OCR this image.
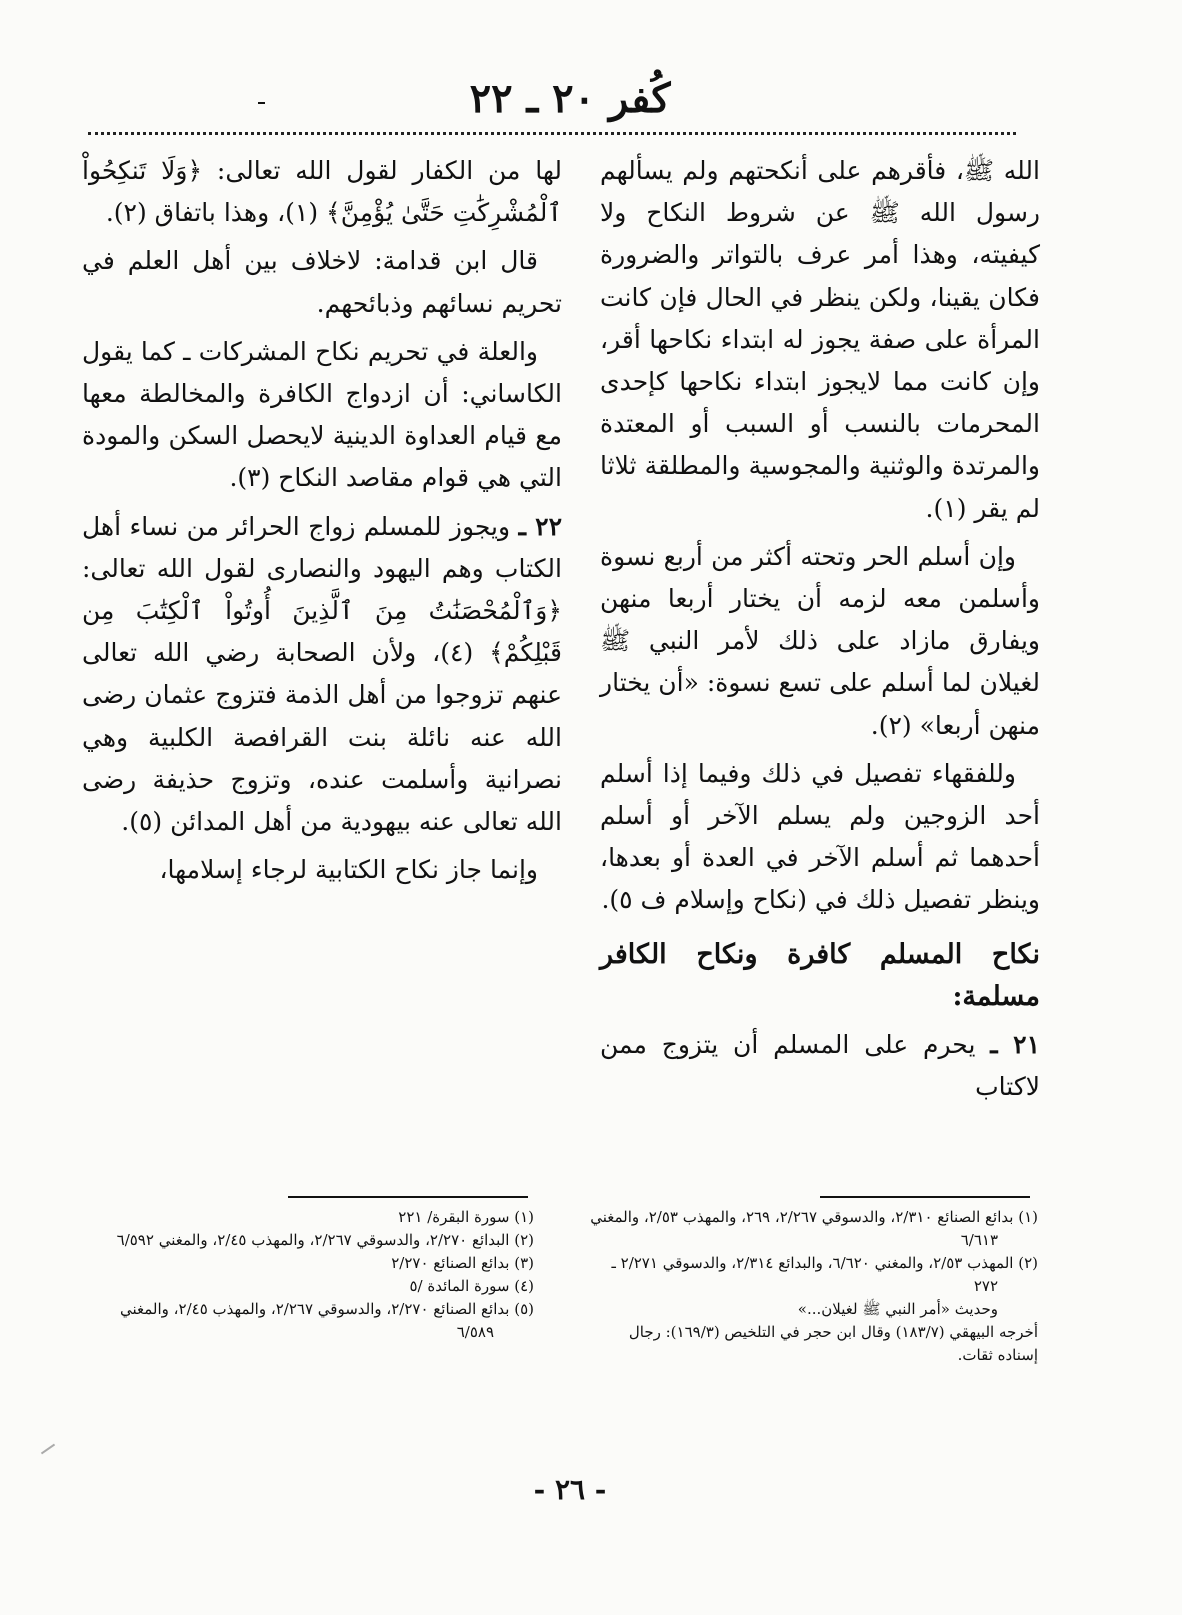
كُفر ٢٠ ـ ٢٢

الله ﷺ، فأقرهم على أنكحتهم ولم يسألهم رسول الله ﷺ عن شروط النكاح ولا كيفيته، وهذا أمر عرف بالتواتر والضرورة فكان يقينا، ولكن ينظر في الحال فإن كانت المرأة على صفة يجوز له ابتداء نكاحها أقر، وإن كانت مما لايجوز ابتداء نكاحها كإحدى المحرمات بالنسب أو السبب أو المعتدة والمرتدة والوثنية والمجوسية والمطلقة ثلاثا لم يقر (١).

وإن أسلم الحر وتحته أكثر من أربع نسوة وأسلمن معه لزمه أن يختار أربعا منهن ويفارق مازاد على ذلك لأمر النبي ﷺ لغيلان لما أسلم على تسع نسوة: «أن يختار منهن أربعا» (٢).

وللفقهاء تفصيل في ذلك وفيما إذا أسلم أحد الزوجين ولم يسلم الآخر أو أسلم أحدهما ثم أسلم الآخر في العدة أو بعدها، وينظر تفصيل ذلك في (نكاح وإسلام ف ٥).

نكاح المسلم كافرة ونكاح الكافر مسلمة:

٢١ ـ يحرم على المسلم أن يتزوج ممن لاكتاب

لها من الكفار لقول الله تعالى: ﴿وَلَا تَنكِحُواْ ٱلْمُشْرِكَٰتِ حَتَّىٰ يُؤْمِنَّ﴾ (١)، وهذا باتفاق (٢).

قال ابن قدامة: لاخلاف بين أهل العلم في تحريم نسائهم وذبائحهم.

والعلة في تحريم نكاح المشركات ـ كما يقول الكاساني: أن ازدواج الكافرة والمخالطة معها مع قيام العداوة الدينية لايحصل السكن والمودة التي هي قوام مقاصد النكاح (٣).

٢٢ ـ ويجوز للمسلم زواج الحرائر من نساء أهل الكتاب وهم اليهود والنصارى لقول الله تعالى: ﴿وَٱلْمُحْصَنَٰتُ مِنَ ٱلَّذِينَ أُوتُواْ ٱلْكِتَٰبَ مِن قَبْلِكُمْ﴾ (٤)، ولأن الصحابة رضي الله تعالى عنهم تزوجوا من أهل الذمة فتزوج عثمان رضى الله عنه نائلة بنت القرافصة الكلبية وهي نصرانية وأسلمت عنده، وتزوج حذيفة رضى الله تعالى عنه بيهودية من أهل المدائن (٥).

وإنما جاز نكاح الكتابية لرجاء إسلامها،

(١) بدائع الصنائع ٢/٣١٠، والدسوقي ٢/٢٦٧، ٢٦٩، والمهذب ٢/٥٣، والمغني ٦/٦١٣

(٢) المهذب ٢/٥٣، والمغني ٦/٦٢٠، والبدائع ٢/٣١٤، والدسوقي ٢/٢٧١ ـ ٢٧٢

وحديث «أمر النبي ﷺ لغيلان...»

أخرجه البيهقي (١٨٣/٧) وقال ابن حجر في التلخيص (١٦٩/٣): رجال إسناده ثقات.

(١) سورة البقرة/ ٢٢١

(٢) البدائع ٢/٢٧٠، والدسوقي ٢/٢٦٧، والمهذب ٢/٤٥، والمغني ٦/٥٩٢

(٣) بدائع الصنائع ٢/٢٧٠

(٤) سورة المائدة /٥

(٥) بدائع الصنائع ٢/٢٧٠، والدسوقي ٢/٢٦٧، والمهذب ٢/٤٥، والمغني ٦/٥٨٩

- ٢٦ -
